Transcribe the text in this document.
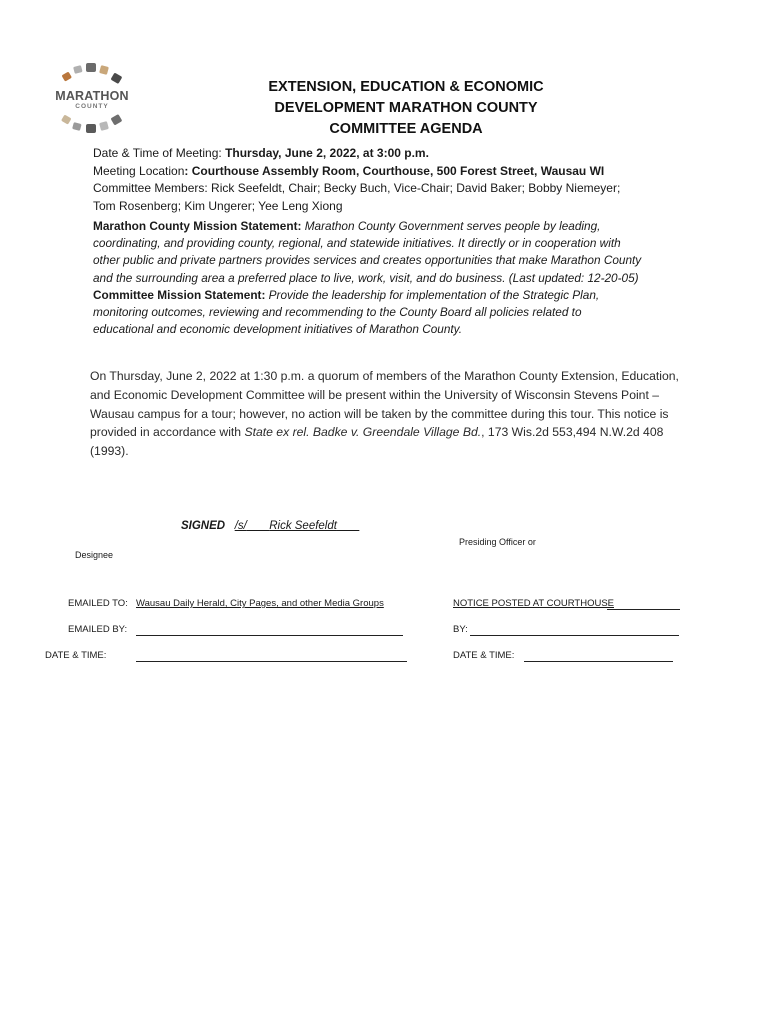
MARATHON
COUNTY
EXTENSION, EDUCATION & ECONOMIC
DEVELOPMENT MARATHON COUNTY
COMMITTEE AGENDA
Date & Time of Meeting: Thursday, June 2, 2022, at 3:00 p.m.
Meeting Location: Courthouse Assembly Room, Courthouse, 500 Forest Street, Wausau WI
Committee Members: Rick Seefeldt, Chair; Becky Buch, Vice-Chair; David Baker; Bobby Niemeyer;
Tom Rosenberg; Kim Ungerer; Yee Leng Xiong
Marathon County Mission Statement: Marathon County Government serves people by leading,
coordinating, and providing county, regional, and statewide initiatives. It directly or in cooperation with
other public and private partners provides services and creates opportunities that make Marathon County
and the surrounding area a preferred place to live, work, visit, and do business. (Last updated: 12-20-05)
Committee Mission Statement: Provide the leadership for implementation of the Strategic Plan,
monitoring outcomes, reviewing and recommending to the County Board all policies related to
educational and economic development initiatives of Marathon County.
On Thursday, June 2, 2022 at 1:30 p.m. a quorum of members of the Marathon County Extension, Education,
and Economic Development Committee will be present within the University of Wisconsin Stevens Point –
Wausau campus for a tour; however, no action will be taken by the committee during this tour. This notice is
provided in accordance with State ex rel. Badke v. Greendale Village Bd., 173 Wis.2d 553,494 N.W.2d 408
(1993).
SIGNED /s/ Rick Seefeldt
Presiding Officer or
Designee
EMAILED TO: Wausau Daily Herald, City Pages, and other Media Groups	NOTICE POSTED AT COURTHOUSE
EMAILED BY:	BY:
DATE & TIME:	DATE & TIME:
